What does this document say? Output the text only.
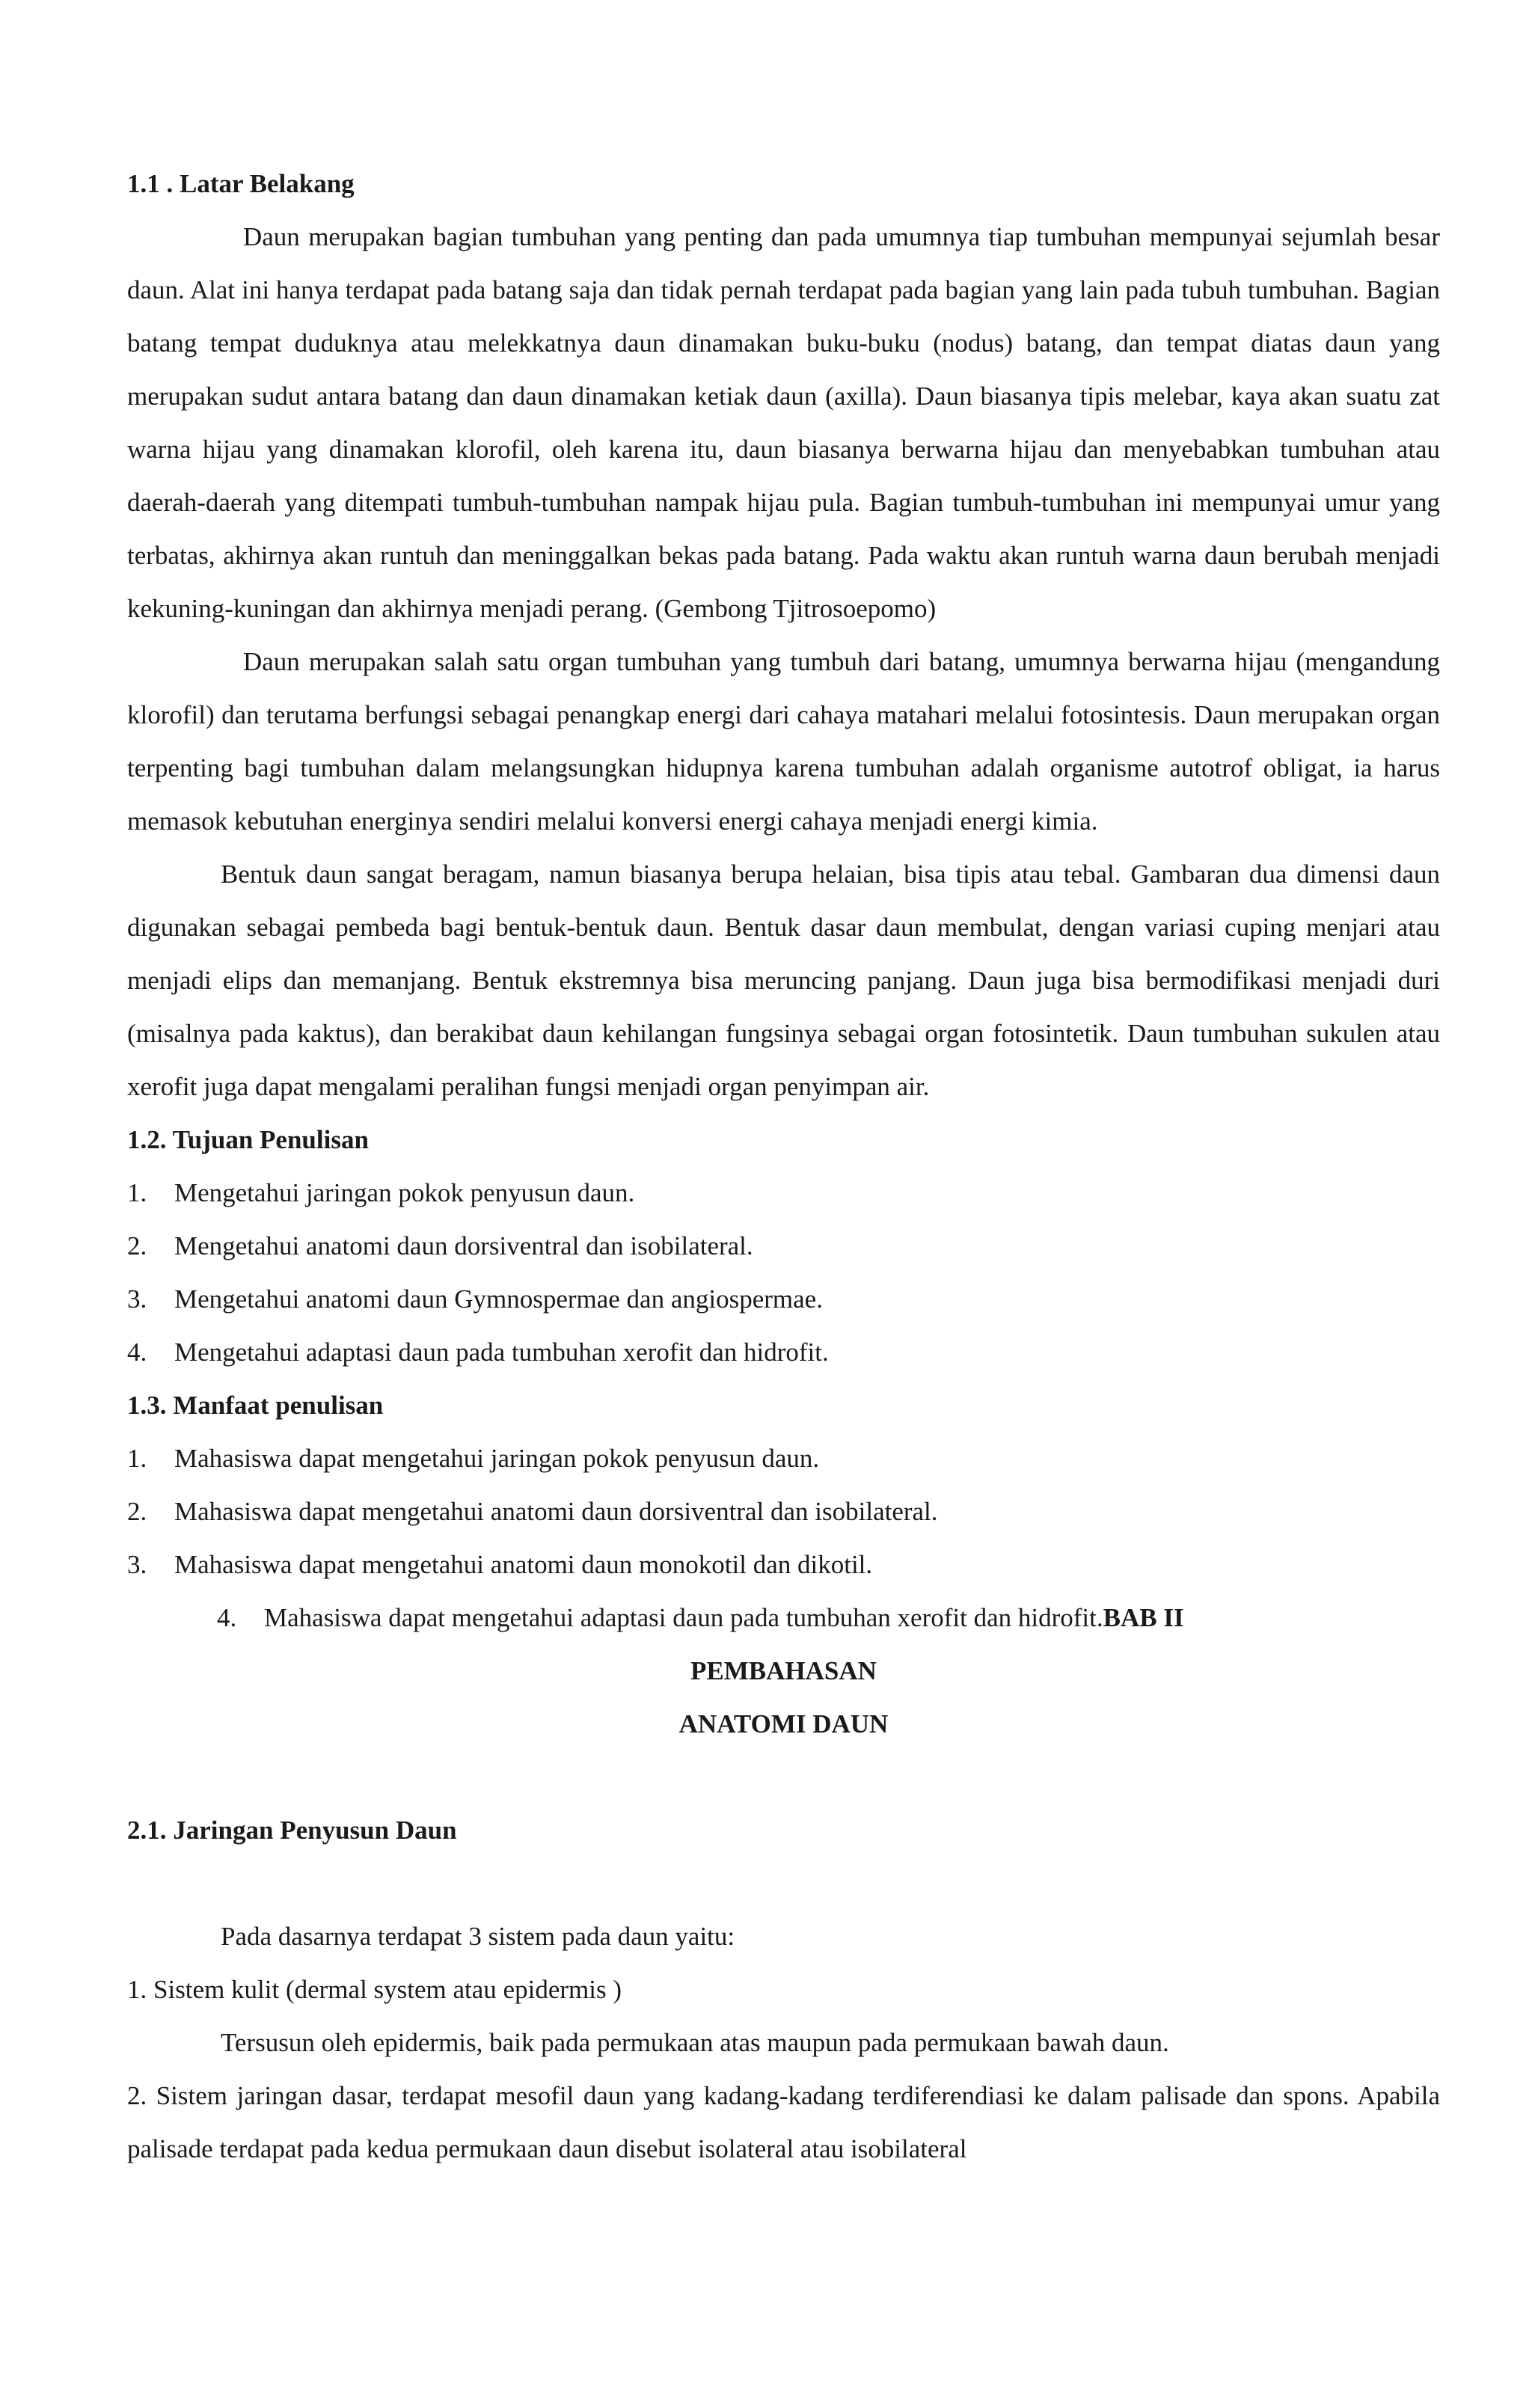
1.1 . Latar Belakang

Daun merupakan bagian tumbuhan yang penting dan pada umumnya tiap tumbuhan mempunyai sejumlah besar daun. Alat ini hanya terdapat pada batang saja dan tidak pernah terdapat pada bagian yang lain pada tubuh tumbuhan. Bagian batang tempat duduknya atau melekkatnya daun dinamakan buku-buku (nodus) batang, dan tempat diatas daun yang merupakan sudut antara batang dan daun dinamakan ketiak daun (axilla). Daun biasanya tipis melebar, kaya akan suatu zat warna hijau yang dinamakan klorofil, oleh karena itu, daun biasanya berwarna hijau dan menyebabkan tumbuhan atau daerah-daerah yang ditempati tumbuh-tumbuhan nampak hijau pula. Bagian tumbuh-tumbuhan ini mempunyai umur yang terbatas, akhirnya akan runtuh dan meninggalkan bekas pada batang. Pada waktu akan runtuh warna daun berubah menjadi kekuning-kuningan dan akhirnya menjadi perang. (Gembong Tjitrosoepomo)

Daun merupakan salah satu organ tumbuhan yang tumbuh dari batang, umumnya berwarna hijau (mengandung klorofil) dan terutama berfungsi sebagai penangkap energi dari cahaya matahari melalui fotosintesis. Daun merupakan organ terpenting bagi tumbuhan dalam melangsungkan hidupnya karena tumbuhan adalah organisme autotrof obligat, ia harus memasok kebutuhan energinya sendiri melalui konversi energi cahaya menjadi energi kimia.

Bentuk daun sangat beragam, namun biasanya berupa helaian, bisa tipis atau tebal. Gambaran dua dimensi daun digunakan sebagai pembeda bagi bentuk-bentuk daun. Bentuk dasar daun membulat, dengan variasi cuping menjari atau menjadi elips dan memanjang. Bentuk ekstremnya bisa meruncing panjang. Daun juga bisa bermodifikasi menjadi duri (misalnya pada kaktus), dan berakibat daun kehilangan fungsinya sebagai organ fotosintetik. Daun tumbuhan sukulen atau xerofit juga dapat mengalami peralihan fungsi menjadi organ penyimpan air.

1.2. Tujuan Penulisan

1.	Mengetahui jaringan pokok penyusun daun.
2.	Mengetahui anatomi daun dorsiventral dan isobilateral.
3.	Mengetahui anatomi daun Gymnospermae dan angiospermae.
4.	Mengetahui adaptasi daun pada tumbuhan xerofit dan hidrofit.

1.3. Manfaat penulisan

1.	Mahasiswa dapat mengetahui jaringan pokok penyusun daun.
2.	Mahasiswa dapat mengetahui anatomi daun dorsiventral dan isobilateral.
3.	Mahasiswa dapat mengetahui anatomi daun monokotil dan dikotil.
4.	Mahasiswa dapat mengetahui adaptasi daun pada tumbuhan xerofit dan hidrofit.BAB II

PEMBAHASAN

ANATOMI DAUN

2.1. Jaringan Penyusun Daun

Pada dasarnya terdapat 3 sistem pada daun yaitu:

1. Sistem kulit (dermal system atau epidermis )

Tersusun oleh epidermis, baik pada permukaan atas maupun pada permukaan bawah daun.

2. Sistem jaringan dasar, terdapat mesofil daun yang kadang-kadang terdiferendiasi ke dalam palisade dan spons. Apabila palisade terdapat pada kedua permukaan daun disebut isolateral atau isobilateral
